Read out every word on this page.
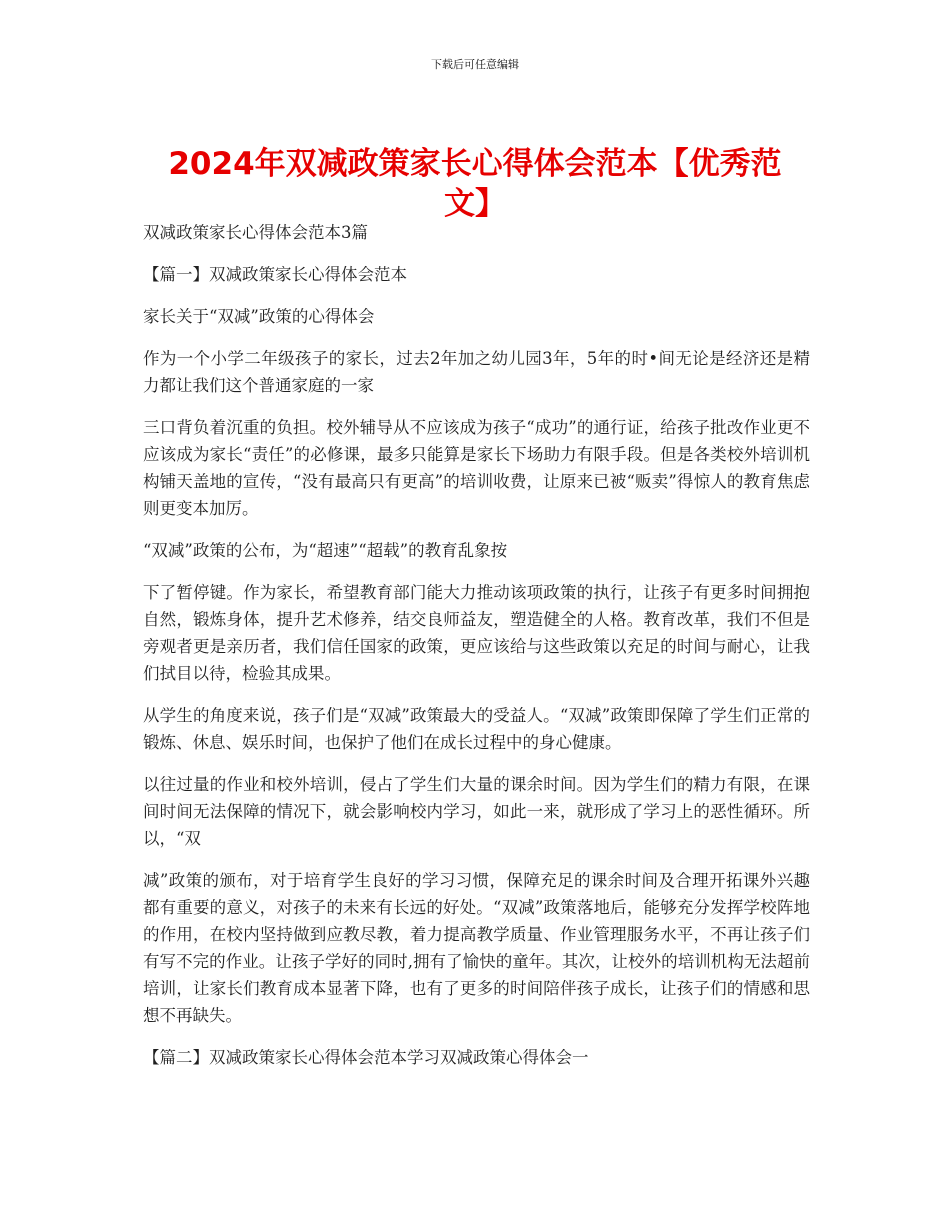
下载后可任意编辑
2024年双减政策家长心得体会范本【优秀范文】

双减政策家长心得体会范本3篇

【篇一】双减政策家长心得体会范本

家长关于“双减”政策的心得体会

作为一个小学二年级孩子的家长，过去2年加之幼儿园3年，5年的时•间无论是经济还是精力都让我们这个普通家庭的一家

三口背负着沉重的负担。校外辅导从不应该成为孩子“成功”的通行证，给孩子批改作业更不应该成为家长“责任”的必修课，最多只能算是家长下场助力有限手段。但是各类校外培训机构铺天盖地的宣传，“没有最高只有更高”的培训收费，让原来已被“贩卖”得惊人的教育焦虑则更变本加厉。

“双减”政策的公布，为“超速”“超载”的教育乱象按

下了暂停键。作为家长，希望教育部门能大力推动该项政策的执行，让孩子有更多时间拥抱自然，锻炼身体，提升艺术修养，结交良师益友，塑造健全的人格。教育改革，我们不但是旁观者更是亲历者，我们信任国家的政策，更应该给与这些政策以充足的时间与耐心，让我们拭目以待，检验其成果。

从学生的角度来说，孩子们是“双减”政策最大的受益人。“双减”政策即保障了学生们正常的锻炼、休息、娱乐时间，也保护了他们在成长过程中的身心健康。

以往过量的作业和校外培训，侵占了学生们大量的课余时间。因为学生们的精力有限，在课间时间无法保障的情况下，就会影响校内学习，如此一来，就形成了学习上的恶性循环。所以，“双

减”政策的颁布，对于培育学生良好的学习习惯，保障充足的课余时间及合理开拓课外兴趣都有重要的意义，对孩子的未来有长远的好处。“双减”政策落地后，能够充分发挥学校阵地的作用，在校内坚持做到应教尽教，着力提高教学质量、作业管理服务水平，不再让孩子们有写不完的作业。让孩子学好的同时,拥有了愉快的童年。其次，让校外的培训机构无法超前培训，让家长们教育成本显著下降，也有了更多的时间陪伴孩子成长，让孩子们的情感和思想不再缺失。

【篇二】双减政策家长心得体会范本学习双减政策心得体会一
